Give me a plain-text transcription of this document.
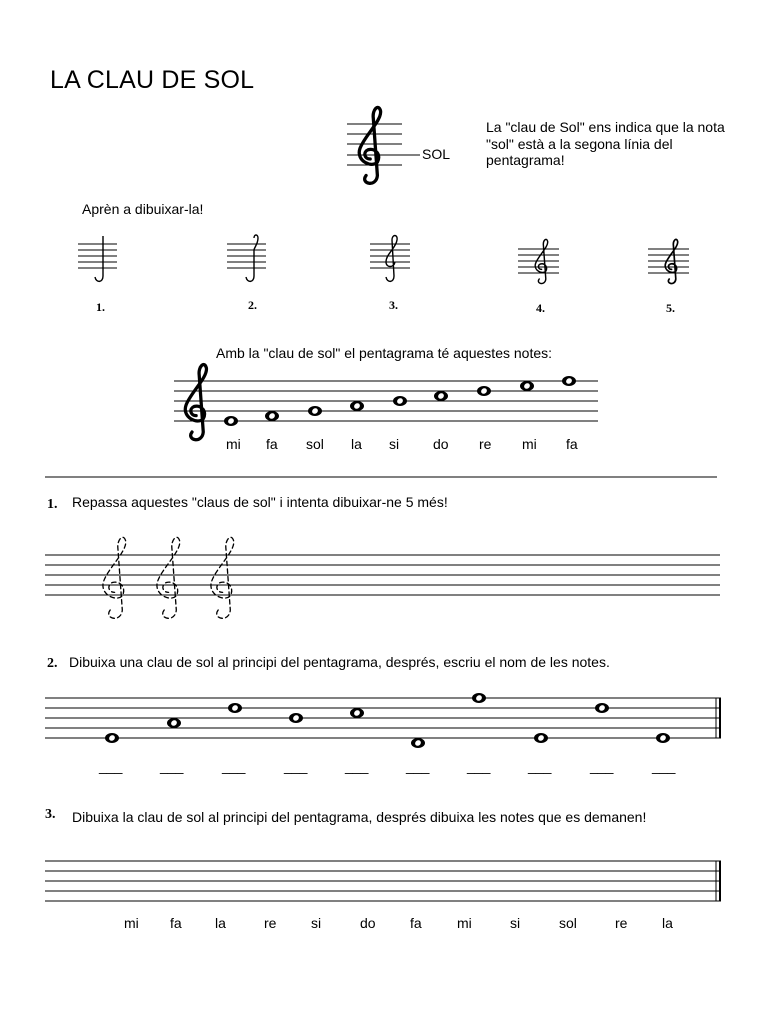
LA CLAU DE SOL
SOL
La "clau de Sol" ens indica que la nota "sol" està a la segona línia del pentagrama!
Aprèn a dibuixar-la!
1.	2.	3.	4.	5.
Amb la "clau de sol" el pentagrama té aquestes notes:
mi fa sol la si do re mi fa
1. Repassa aquestes "claus de sol" i intenta dibuixar-ne 5 més!
2. Dibuixa una clau de sol al principi del pentagrama, després, escriu el nom de les notes.
___	___	___	___	___	___	___	___	___	___
3. Dibuixa la clau de sol al principi del pentagrama, després dibuixa les notes que es demanen!
mi fa la	re si	do fa	mi	si	sol	re la
